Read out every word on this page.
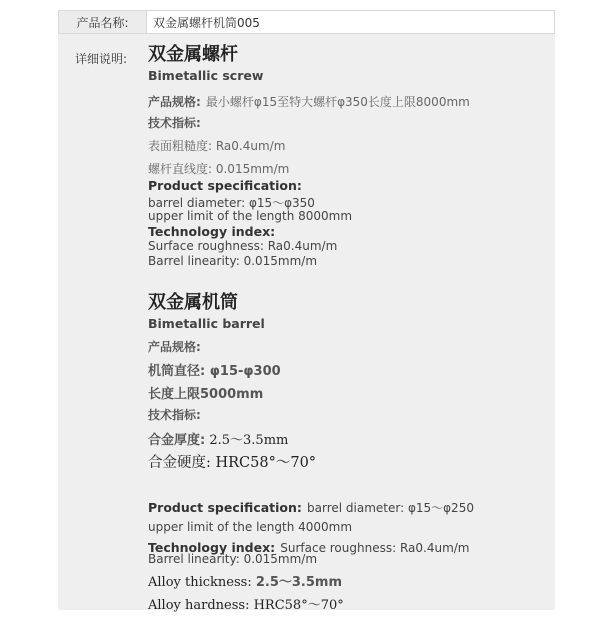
产品名称:	双金属螺杆机筒005
详细说明: 双金属螺杆
Bimetallic screw
产品规格: 最小螺杆φ15至特大螺杆φ350长度上限8000mm
技术指标:
表面粗糙度: Ra0.4um/m
螺杆直线度: 0.015mm/m
Product specification:
barrel diameter: φ15～φ350
upper limit of the length 8000mm
Technology index:
Surface roughness: Ra0.4um/m
Barrel linearity: 0.015mm/m
双金属机筒
Bimetallic barrel
产品规格:
机筒直径: φ15-φ300
长度上限5000mm
技术指标:
合金厚度: 2.5～3.5mm
合金硬度: HRC58°～70°
Product specification: barrel diameter: φ15～φ250
upper limit of the length 4000mm
Technology index: Surface roughness: Ra0.4um/m
Barrel linearity: 0.015mm/m
Alloy thickness: 2.5～3.5mm
Alloy hardness: HRC58°～70°
